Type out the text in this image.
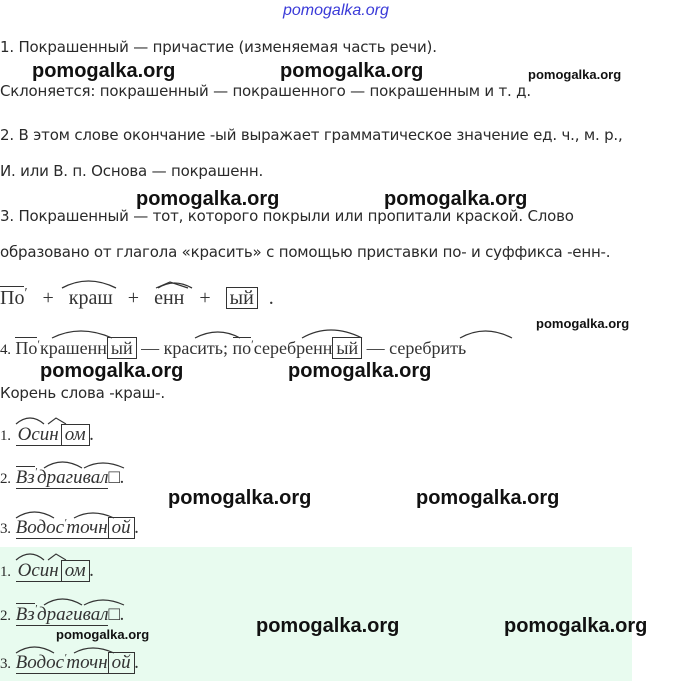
pomogalka.org
1. Покрашенный — причастие (изменяемая часть речи).
pomogalka.org	pomogalka.org	pomogalka.org
Склоняется: покрашенный — покрашенного — покрашенным и т. д.
2. В этом слове окончание -ый выражает грамматическое значение ед. ч., м. р.,
И. или В. п. Основа — покрашенн.
pomogalka.org	pomogalka.org
3. Покрашенный — тот, которого покрыли или пропитали краской. Слово
образовано от глагола «красить» с помощью приставки по- и суффикса -енн-.
По′ + краш + енн + ый .
pomogalka.org
4. По′крашенн ый — красить; по′серебренн ый — серебрить
pomogalka.org	pomogalka.org
Корень слова -краш-.
1. Осин ом .
2. Вз′драгивал□.
pomogalka.org	pomogalka.org
3. Водос′точн ой .
1. Осин ом .
2. Вз′драгивал□.
pomogalka.org	pomogalka.org	pomogalka.org
3. Водос′точн ой .
